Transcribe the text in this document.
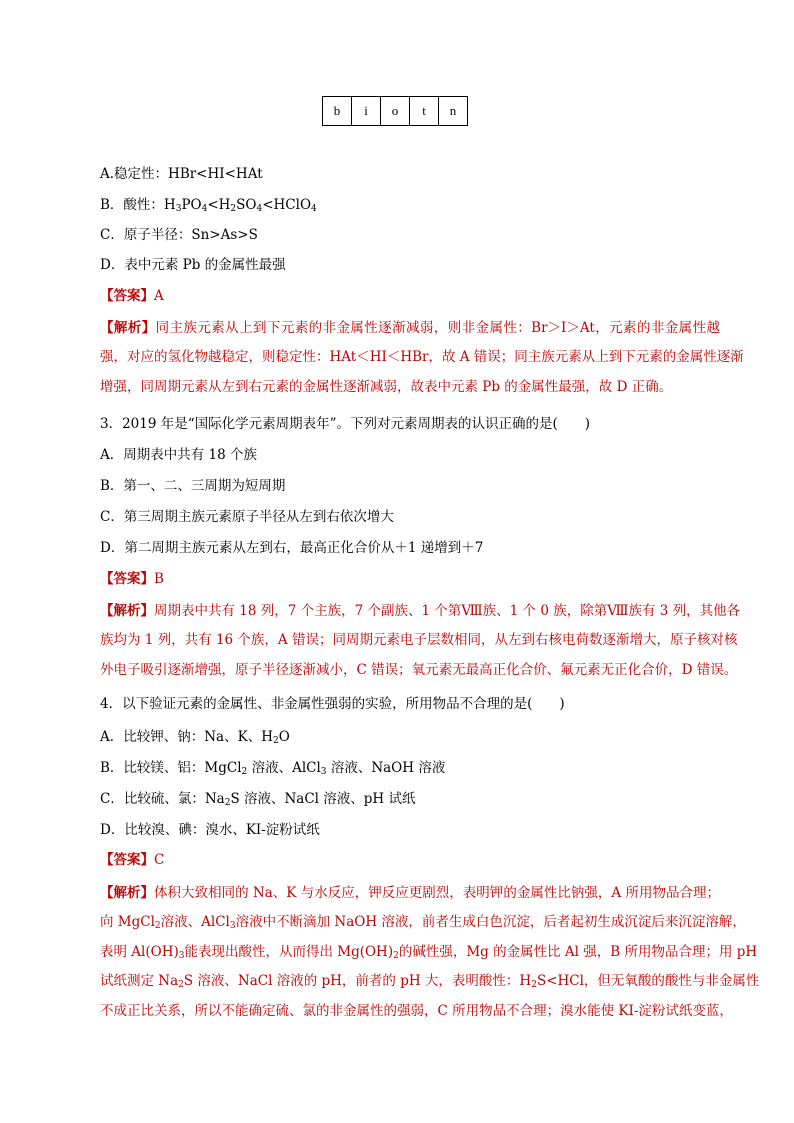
b	i	o	t	n
A.稳定性：HBr<HI<HAt
B．酸性：$H_3PO_4<H_2SO_4<HClO_4$
C．原子半径：Sn>As>S
D．表中元素 Pb 的金属性最强
【答案】A
【解析】同主族元素从上到下元素的非金属性逐渐减弱，则非金属性：Br＞I＞At，元素的非金属性越
强，对应的氢化物越稳定，则稳定性：HAt＜HI＜HBr，故 A 错误；同主族元素从上到下元素的金属性逐渐
增强，同周期元素从左到右元素的金属性逐渐减弱，故表中元素 Pb 的金属性最强，故 D 正确。
3．2019 年是“国际化学元素周期表年”。下列对元素周期表的认识正确的是(　　)
A．周期表中共有 18 个族
B．第一、二、三周期为短周期
C．第三周期主族元素原子半径从左到右依次增大
D．第二周期主族元素从左到右，最高正化合价从＋1 递增到＋7
【答案】B
【解析】周期表中共有 18 列，7 个主族，7 个副族、1 个第Ⅷ族、1 个 0 族，除第Ⅷ族有 3 列，其他各
族均为 1 列，共有 16 个族，A 错误；同周期元素电子层数相同，从左到右核电荷数逐渐增大，原子核对核
外电子吸引逐渐增强，原子半径逐渐减小，C 错误；氧元素无最高正化合价、氟元素无正化合价，D 错误。
4．以下验证元素的金属性、非金属性强弱的实验，所用物品不合理的是(　　)
A．比较钾、钠：Na、K、$H_2O$
B．比较镁、铝：MgCl$_2$ 溶液、AlCl$_3$ 溶液、NaOH 溶液
C．比较硫、氯：$Na_2S$ 溶液、NaCl 溶液、pH 试纸
D．比较溴、碘：溴水、KI-淀粉试纸
【答案】C
【解析】体积大致相同的 Na、K 与水反应，钾反应更剧烈，表明钾的金属性比钠强，A 所用物品合理；
向 MgCl$_2$溶液、AlCl$_3$溶液中不断滴加 NaOH 溶液，前者生成白色沉淀，后者起初生成沉淀后来沉淀溶解，
表明 $Al(OH)_3$能表现出酸性，从而得出 $Mg(OH)_2$的碱性强，Mg 的金属性比 Al 强，B 所用物品合理；用 pH
试纸测定 $Na_2S$ 溶液、NaCl 溶液的 pH，前者的 pH 大，表明酸性：$H_2S<HCl$，但无氧酸的酸性与非金属性
不成正比关系，所以不能确定硫、氯的非金属性的强弱，C 所用物品不合理；溴水能使 KI-淀粉试纸变蓝，
